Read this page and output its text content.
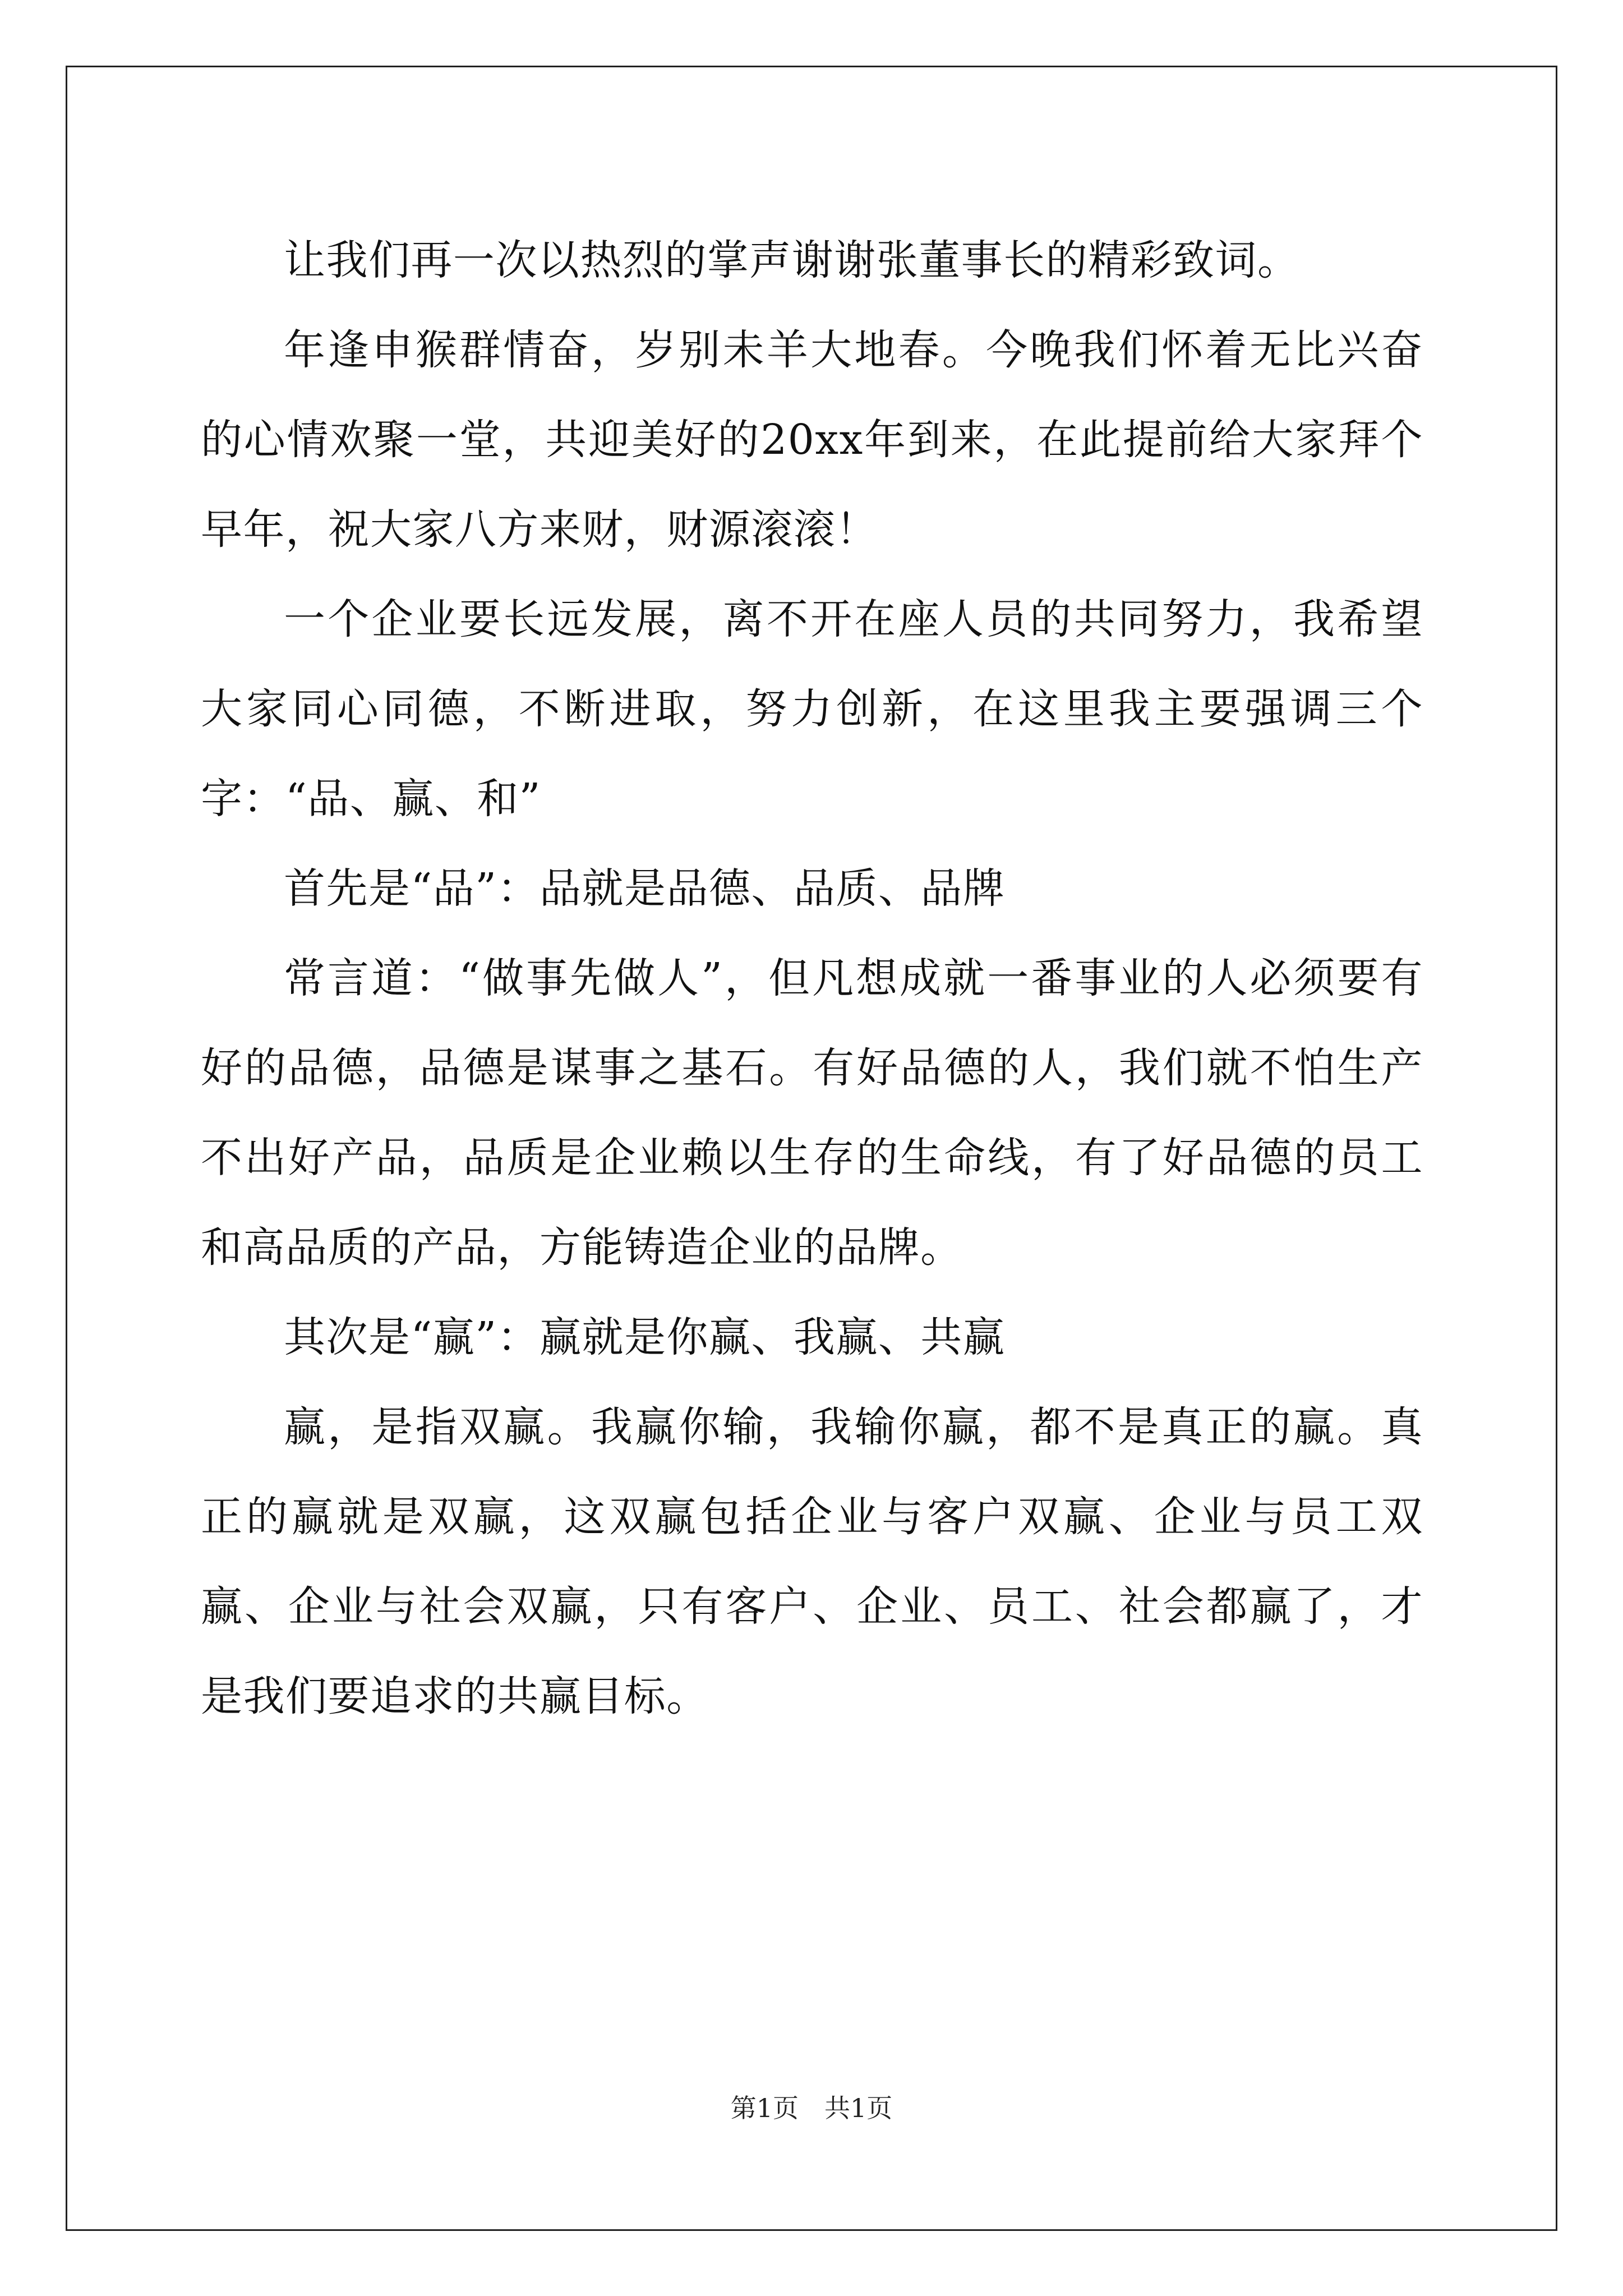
让我们再一次以热烈的掌声谢谢张董事长的精彩致词。

年逢申猴群情奋，岁别未羊大地春。今晚我们怀着无比兴奋的心情欢聚一堂，共迎美好的20xx年到来，在此提前给大家拜个早年，祝大家八方来财，财源滚滚！

一个企业要长远发展，离不开在座人员的共同努力，我希望大家同心同德，不断进取，努力创新，在这里我主要强调三个字：“品、赢、和”

首先是“品”：品就是品德、品质、品牌

常言道：“做事先做人”，但凡想成就一番事业的人必须要有好的品德，品德是谋事之基石。有好品德的人，我们就不怕生产不出好产品，品质是企业赖以生存的生命线，有了好品德的员工和高品质的产品，方能铸造企业的品牌。

其次是“赢”：赢就是你赢、我赢、共赢

赢，是指双赢。我赢你输，我输你赢，都不是真正的赢。真正的赢就是双赢，这双赢包括企业与客户双赢、企业与员工双赢、企业与社会双赢，只有客户、企业、员工、社会都赢了，才是我们要追求的共赢目标。

第1页　共1页
